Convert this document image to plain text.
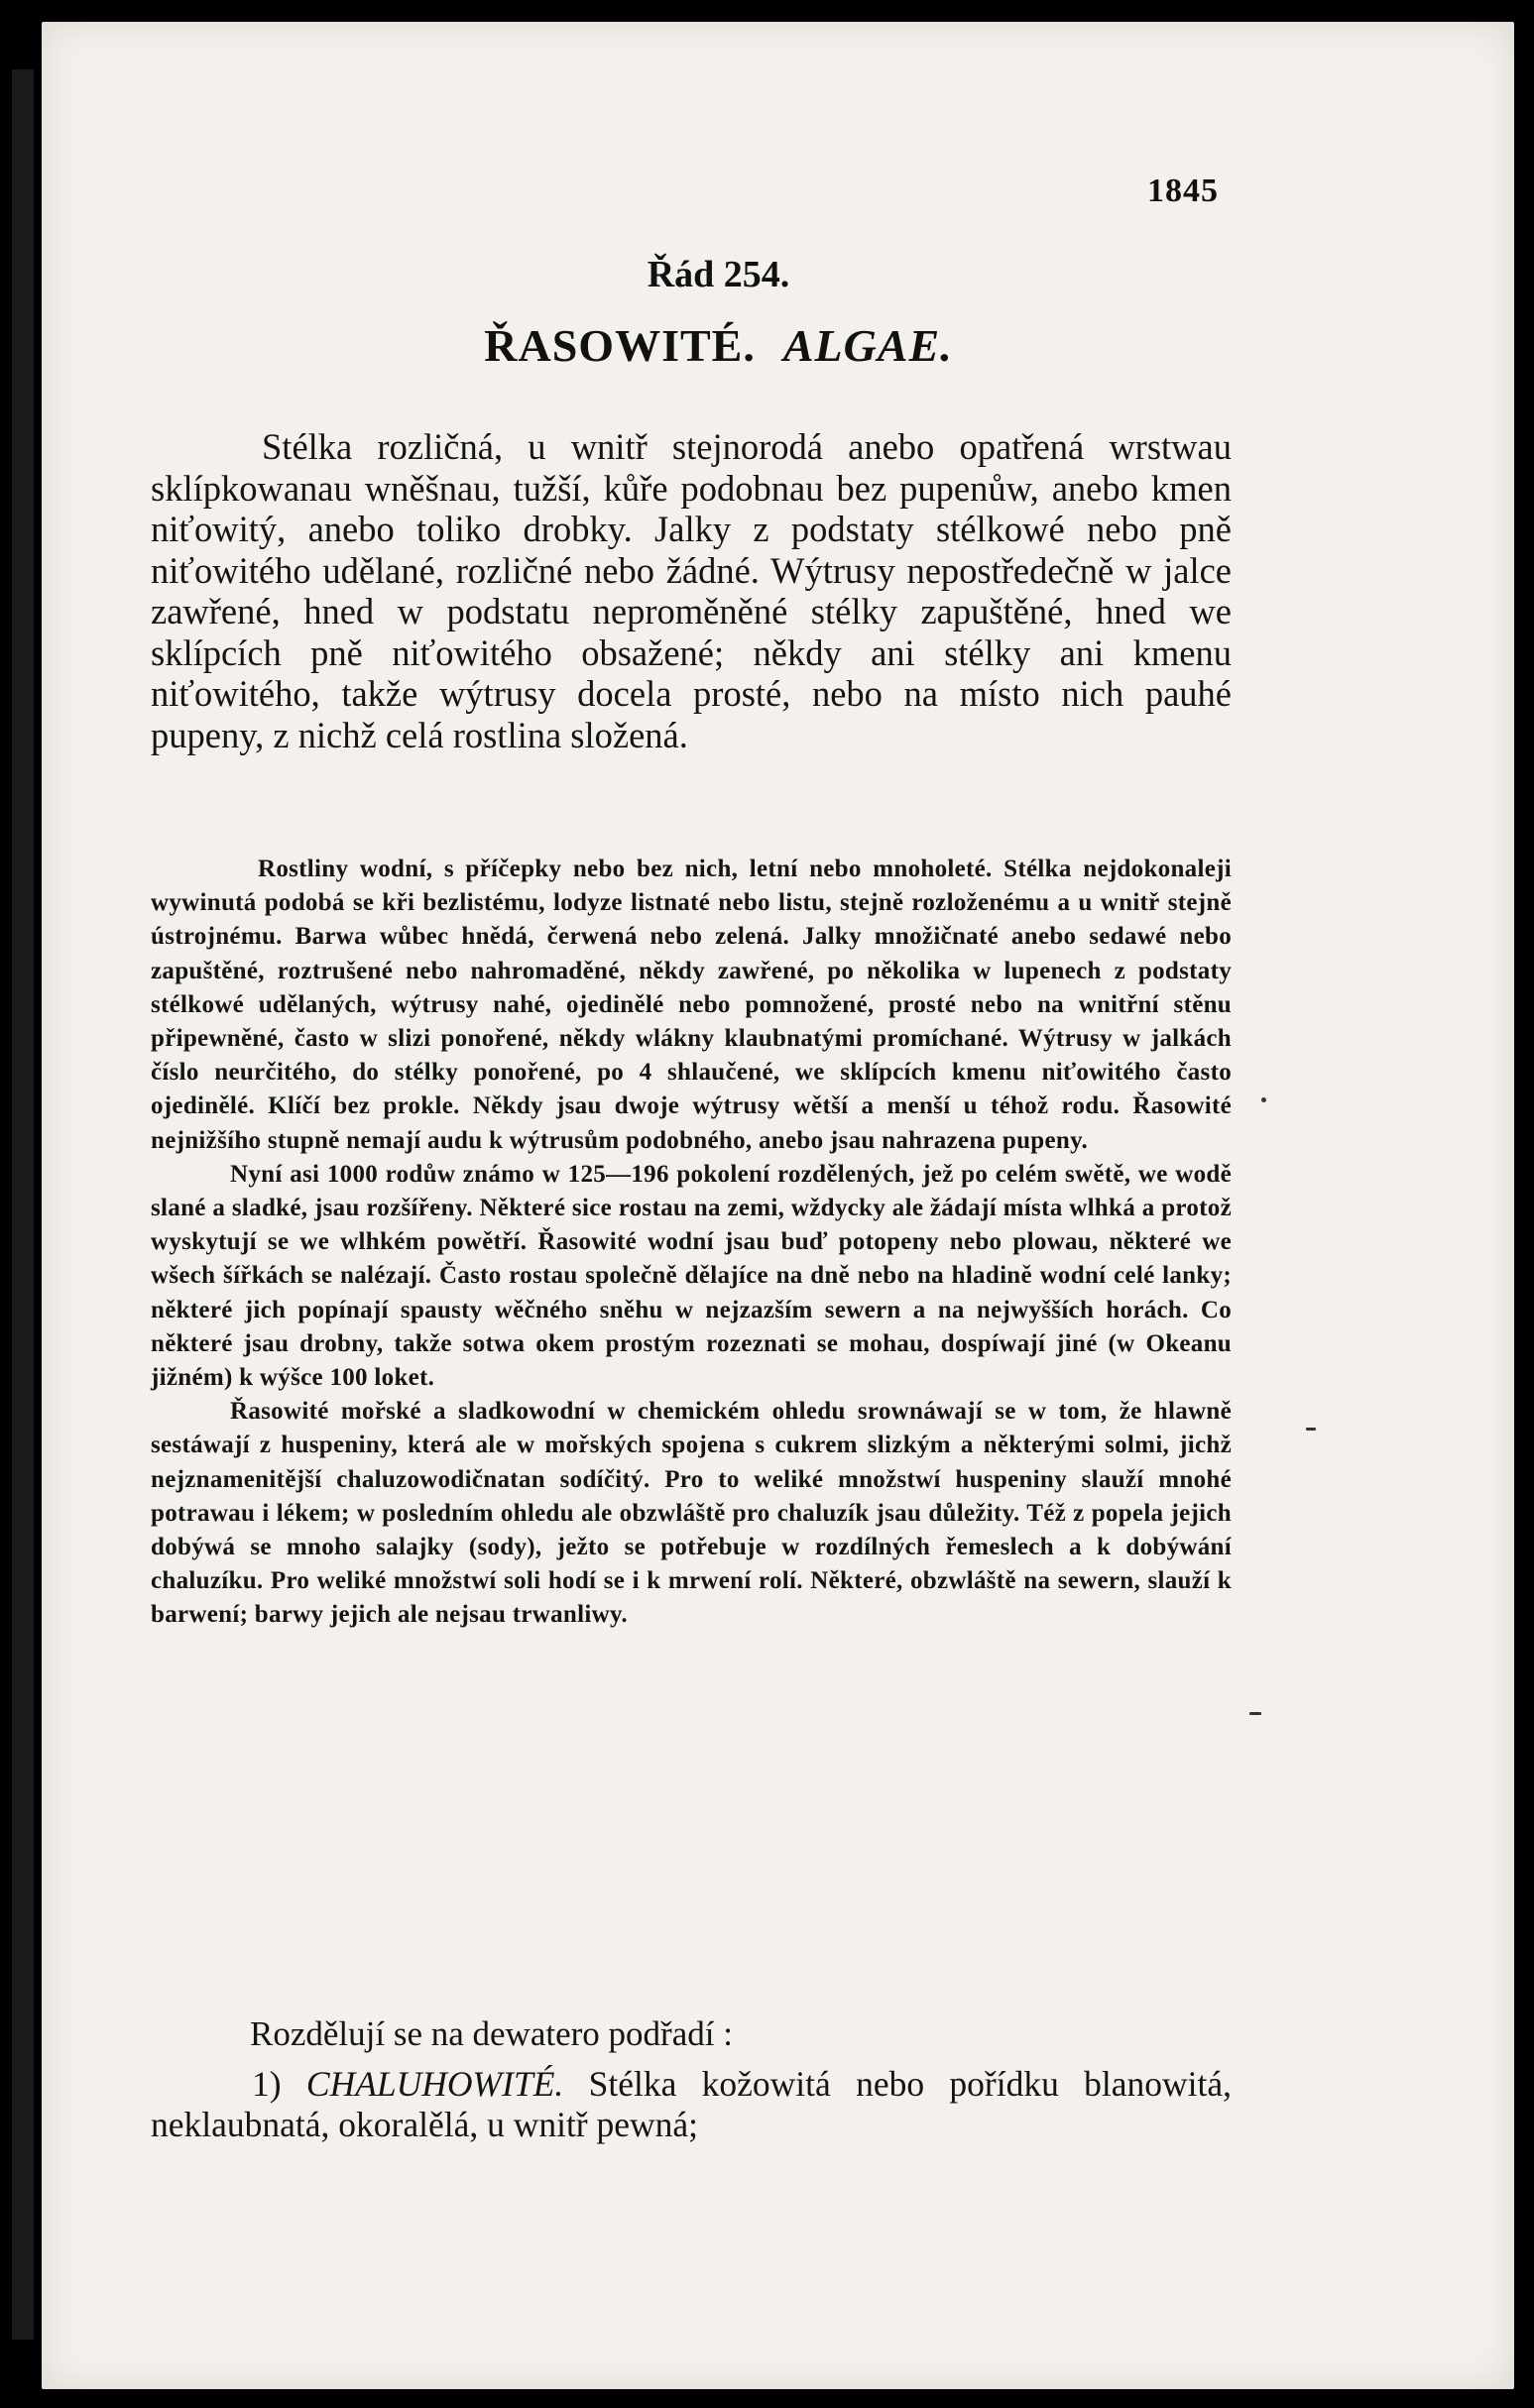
1845
Řád 254.
ŘASOWITÉ. ALGAE.
Stélka rozličná, u wnitř stejnorodá anebo opatřená wrstwau sklípkowanau wněšnau, tužší, kůře podobnau bez pupenůw, anebo kmen niťowitý, anebo toliko drobky. Jalky z podstaty stélkowé nebo pně niťowitého udělané, rozličné nebo žádné. Wýtrusy nepostředečně w jalce zawřené, hned w podstatu neproměněné stélky zapuštěné, hned we sklípcích pně niťowitého obsažené; někdy ani stélky ani kmenu niťowitého, takže wýtrusy docela prosté, nebo na místo nich pauhé pupeny, z nichž celá rostlina složená.

Rostliny wodní, s příčepky nebo bez nich, letní nebo mnoholeté. Stélka nejdokonaleji wywinutá podobá se kři bezlistému, lodyze listnaté nebo listu, stejně rozloženému a u wnitř stejně ústrojnému. Barwa wůbec hnědá, čerwená nebo zelená. Jalky množičnaté anebo sedawé nebo zapuštěné, roztrušené nebo nahromaděné, někdy zawřené, po několika w lupenech z podstaty stélkowé udělaných, wýtrusy nahé, ojedinělé nebo pomnožené, prosté nebo na wnitřní stěnu připewněné, často w slizi ponořené, někdy wlákny klaubnatými promíchané. Wýtrusy w jalkách číslo neurčitého, do stélky ponořené, po 4 shlaučené, we sklípcích kmenu niťowitého často ojedinělé. Klíčí bez prokle. Někdy jsau dwoje wýtrusy wětší a menší u téhož rodu. Řasowité nejnižšího stupně nemají audu k wýtrusům podobného, anebo jsau nahrazena pupeny.

Nyní asi 1000 rodůw známo w 125—196 pokolení rozdělených, jež po celém swětě, we wodě slané a sladké, jsau rozšířeny. Některé sice rostau na zemi, wždycky ale žádají místa wlhká a protož wyskytují se we wlhkém powětří. Řasowité wodní jsau buď potopeny nebo plowau, některé we wšech šířkách se nalézají. Často rostau společně dělajíce na dně nebo na hladině wodní celé lanky; některé jich popínají spausty wěčného sněhu w nejzazším sewern a na nejwyšších horách. Co některé jsau drobny, takže sotwa okem prostým rozeznati se mohau, dospíwají jiné (w Okeanu jižném) k wýšce 100 loket.

Řasowité mořské a sladkowodní w chemickém ohledu srownáwají se w tom, že hlawně sestáwají z huspeniny, která ale w mořských spojena s cukrem slizkým a některými solmi, jichž nejznamenitější chaluzowodičnatan sodíčitý. Pro to weliké množstwí huspeniny slauží mnohé potrawau i lékem; w posledním ohledu ale obzwláště pro chaluzík jsau důležity. Též z popela jejich dobýwá se mnoho salajky (sody), ježto se potřebuje w rozdílných řemeslech a k dobýwání chaluzíku. Pro weliké množstwí soli hodí se i k mrwení rolí. Některé, obzwláště na sewern, slauží k barwení; barwy jejich ale nejsau trwanliwy.

Rozdělují se na dewatero podřadí :
1) CHALUHOWITÉ. Stélka kožowitá nebo pořídku blanowitá, neklaubnatá, okoralělá, u wnitř pewná;
